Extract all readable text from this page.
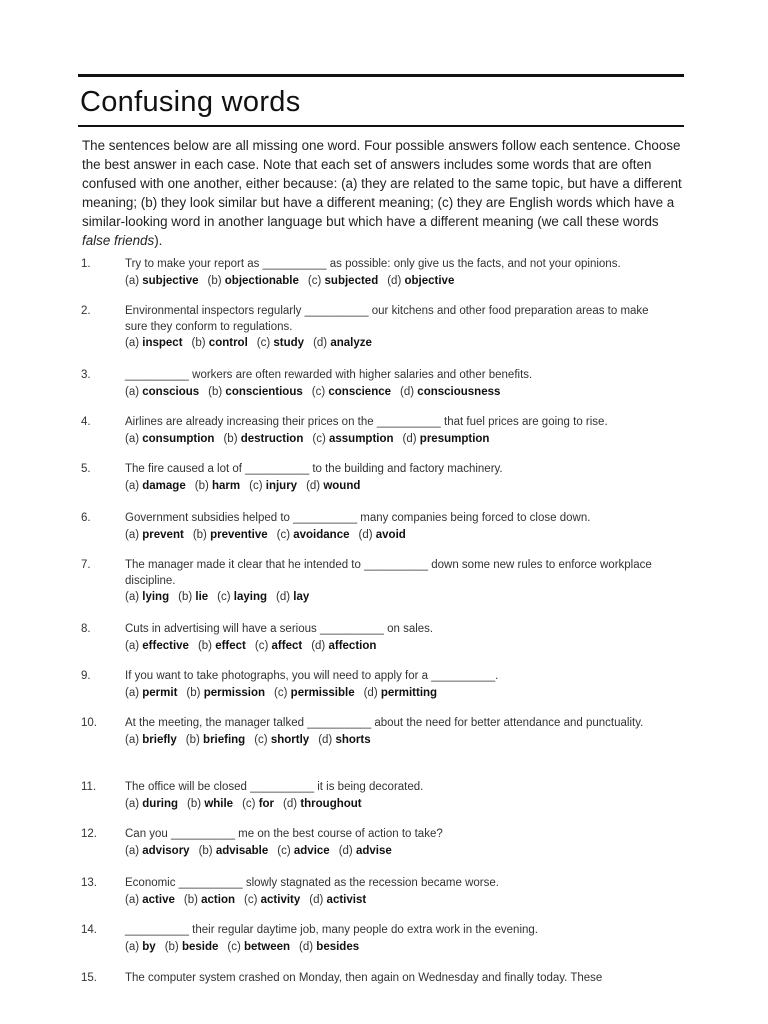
Confusing words

The sentences below are all missing one word. Four possible answers follow each sentence. Choose the best answer in each case. Note that each set of answers includes some words that are often confused with one another, either because: (a) they are related to the same topic, but have a different meaning; (b) they look similar but have a different meaning; (c) they are English words which have a similar-looking word in another language but which have a different meaning (we call these words false friends).

1.	Try to make your report as __________ as possible: only give us the facts, and not your opinions.

(a) subjective (b) objectionable (c) subjected (d) objective

2.	Environmental inspectors regularly __________ our kitchens and other food preparation areas to make sure they conform to regulations.

(a) inspect (b) control (c) study (d) analyze

3.	__________ workers are often rewarded with higher salaries and other benefits.

(a) conscious (b) conscientious (c) conscience (d) consciousness

4.	Airlines are already increasing their prices on the __________ that fuel prices are going to rise.

(a) consumption (b) destruction (c) assumption (d) presumption

5.	The fire caused a lot of __________ to the building and factory machinery.

(a) damage (b) harm (c) injury (d) wound

6.	Government subsidies helped to __________ many companies being forced to close down.

(a) prevent (b) preventive (c) avoidance (d) avoid

7.	The manager made it clear that he intended to __________ down some new rules to enforce workplace discipline.

(a) lying (b) lie (c) laying (d) lay

8.	Cuts in advertising will have a serious __________ on sales.

(a) effective (b) effect (c) affect (d) affection

9.	If you want to take photographs, you will need to apply for a __________.

(a) permit (b) permission (c) permissible (d) permitting

10. At the meeting, the manager talked __________ about the need for better attendance and punctuality.

(a) briefly (b) briefing (c) shortly (d) shorts

11.	The office will be closed __________ it is being decorated.

(a) during (b) while (c) for (d) throughout

12. Can you __________ me on the best course of action to take?

(a) advisory (b) advisable (c) advice (d) advise

13. Economic __________ slowly stagnated as the recession became worse.

(a) active (b) action (c) activity (d) activist

14. __________ their regular daytime job, many people do extra work in the evening.

(a) by (b) beside (c) between (d) besides

15. The computer system crashed on Monday, then again on Wednesday and finally today. These
